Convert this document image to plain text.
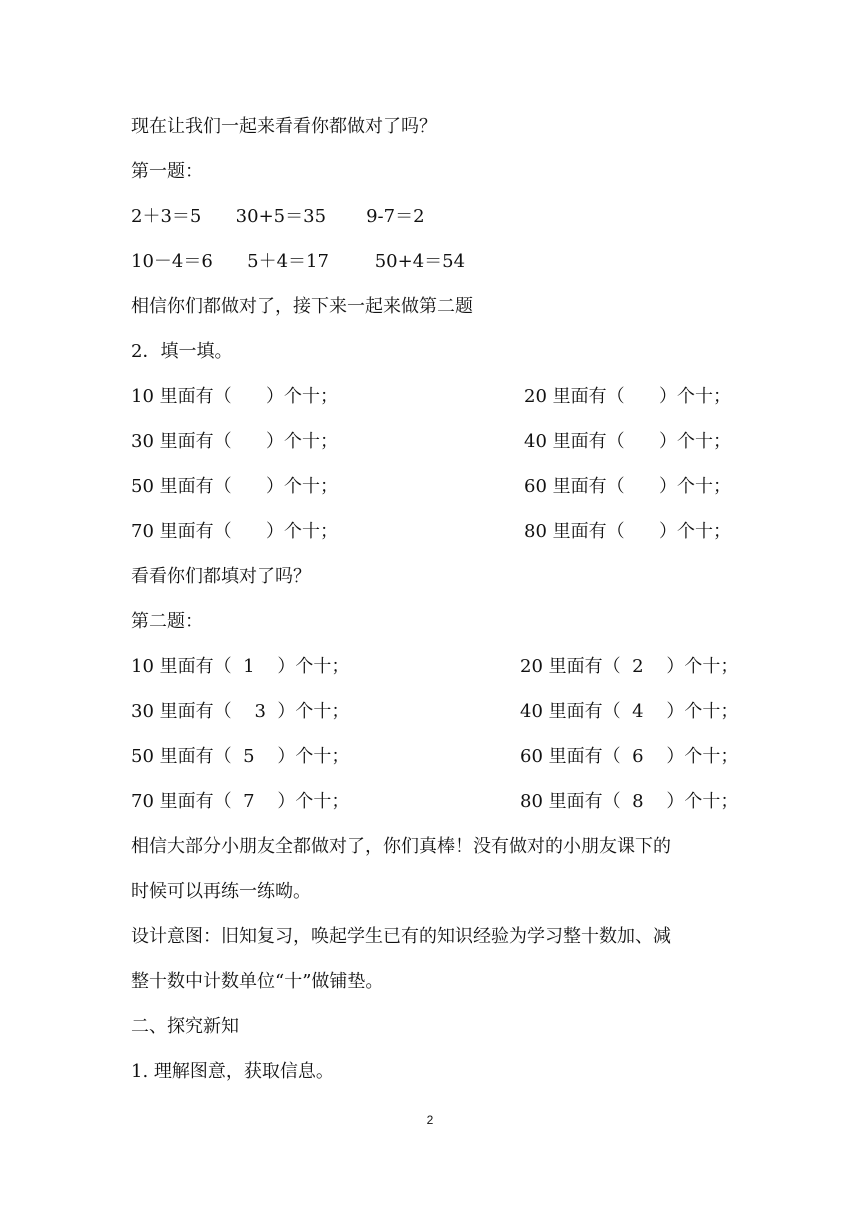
现在让我们一起来看看你都做对了吗？
第一题：
2＋3＝5      30+5＝35       9-7＝2
10－4＝6      5＋4＝17        50+4＝54
相信你们都做对了，接下来一起来做第二题
2．填一填。
10 里面有（      ）个十；	20 里面有（      ）个十；
30 里面有（      ）个十；	40 里面有（      ）个十；
50 里面有（      ）个十；	60 里面有（      ）个十；
70 里面有（      ）个十；	80 里面有（      ）个十；
看看你们都填对了吗？
第二题：
10 里面有（  1    ）个十；	20 里面有（  2    ）个十；
30 里面有（    3  ）个十；	40 里面有（  4    ）个十；
50 里面有（  5    ）个十；	60 里面有（  6    ）个十；
70 里面有（  7    ）个十；	80 里面有（  8    ）个十；
相信大部分小朋友全都做对了，你们真棒！没有做对的小朋友课下的
时候可以再练一练呦。
设计意图：旧知复习，唤起学生已有的知识经验为学习整十数加、减
整十数中计数单位“十”做铺垫。
二、探究新知
1. 理解图意，获取信息。
2
